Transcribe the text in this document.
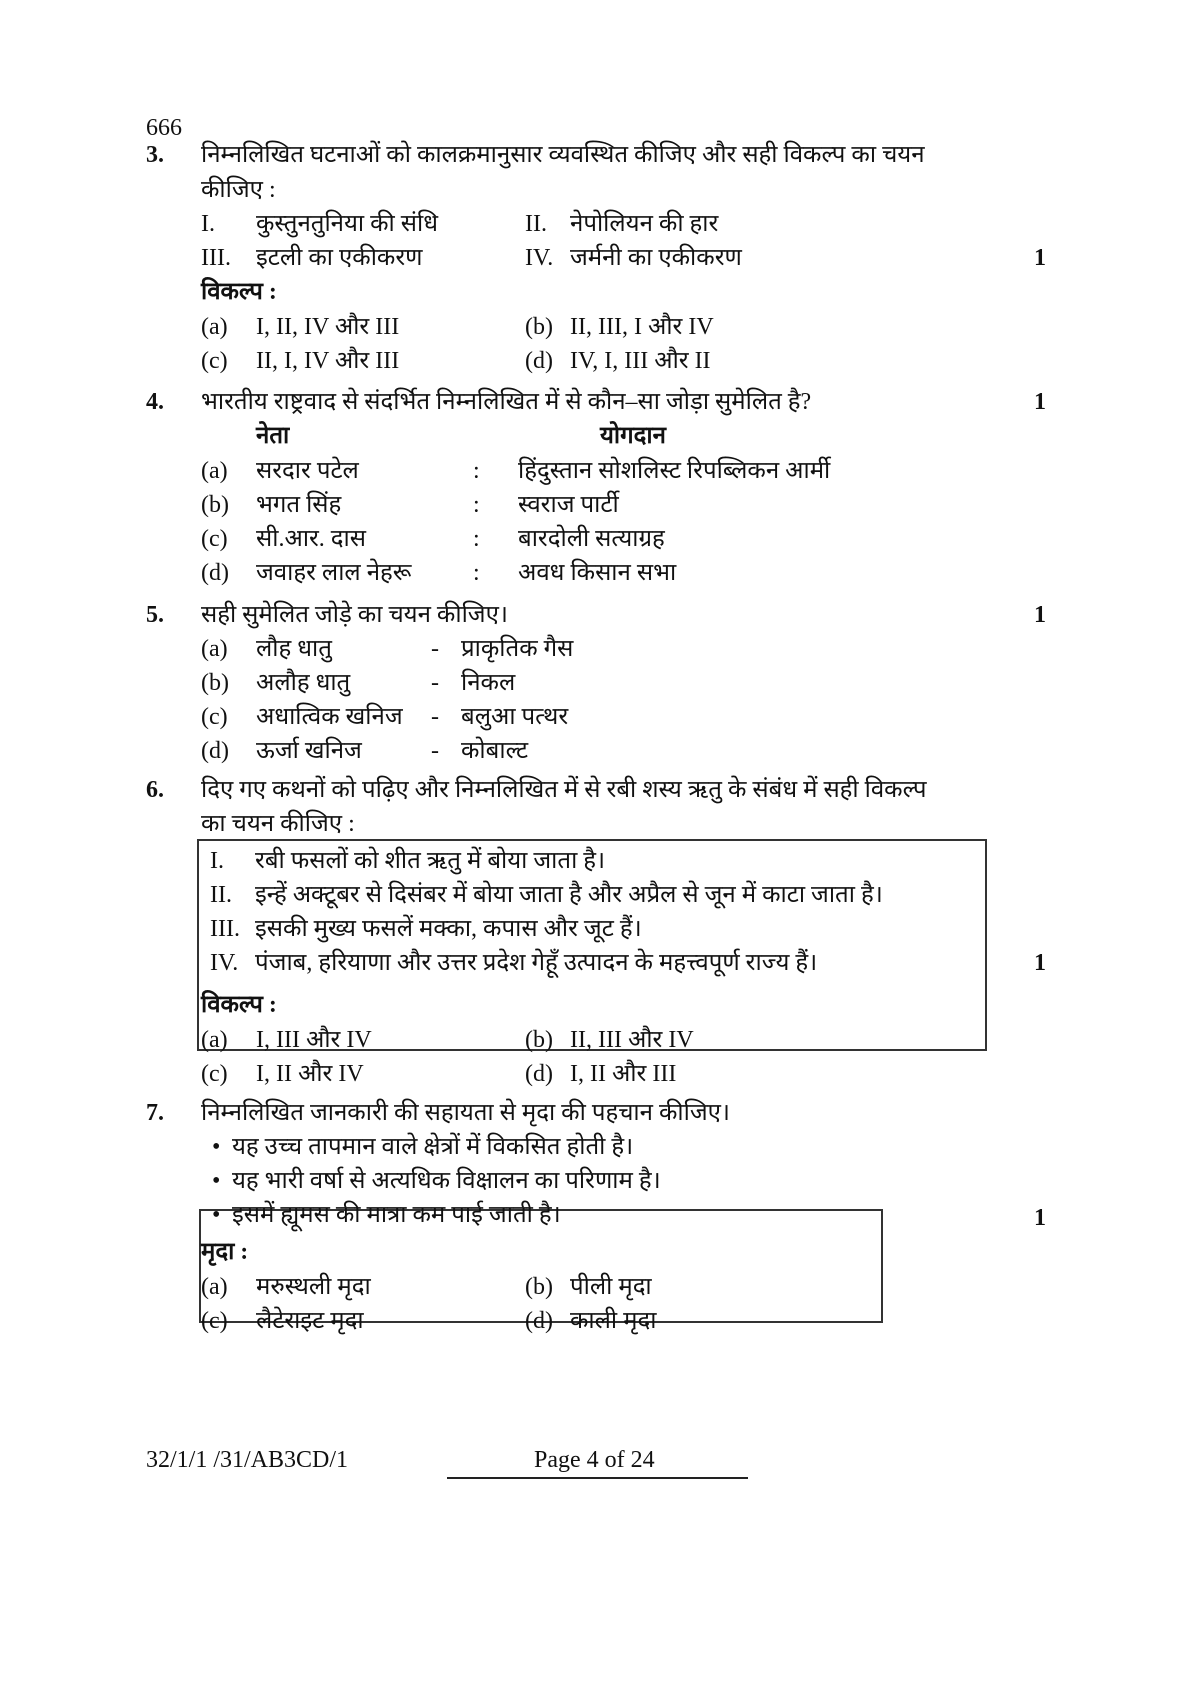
666
3. निम्नलिखित घटनाओं को कालक्रमानुसार व्यवस्थित कीजिए और सही विकल्प का चयन
कीजिए :
I. कुस्तुनतुनिया की संधि	II. नेपोलियन की हार
III. इटली का एकीकरण	IV. जर्मनी का एकीकरण	1
विकल्प :
(a) I, II, IV और III	(b) II, III, I और IV
(c) II, I, IV और III	(d) IV, I, III और II
4. भारतीय राष्ट्रवाद से संदर्भित निम्नलिखित में से कौन–सा जोड़ा सुमेलित है?	1
नेता	योगदान
(a) सरदार पटेल	: हिंदुस्तान सोशलिस्ट रिपब्लिकन आर्मी
(b) भगत सिंह	: स्वराज पार्टी
(c) सी.आर. दास	: बारदोली सत्याग्रह
(d) जवाहर लाल नेहरू	: अवध किसान सभा
5. सही सुमेलित जोड़े का चयन कीजिए।	1
(a) लौह धातु	- प्राकृतिक गैस
(b) अलौह धातु	- निकल
(c) अधात्विक खनिज - बलुआ पत्थर
(d) ऊर्जा खनिज	- कोबाल्ट
6. दिए गए कथनों को पढ़िए और निम्नलिखित में से रबी शस्य ऋतु के संबंध में सही विकल्प
का चयन कीजिए :
I. रबी फसलों को शीत ऋतु में बोया जाता है।
II. इन्हें अक्टूबर से दिसंबर में बोया जाता है और अप्रैल से जून में काटा जाता है।
III. इसकी मुख्य फसलें मक्का, कपास और जूट हैं।
IV. पंजाब, हरियाणा और उत्तर प्रदेश गेहूँ उत्पादन के महत्त्वपूर्ण राज्य हैं।	1
विकल्प :
(a) I, III और IV	(b) II, III और IV
(c) I, II और IV	(d) I, II और III
7. निम्नलिखित जानकारी की सहायता से मृदा की पहचान कीजिए।
• यह उच्च तापमान वाले क्षेत्रों में विकसित होती है।
• यह भारी वर्षा से अत्यधिक विक्षालन का परिणाम है।
• इसमें ह्यूमस की मात्रा कम पाई जाती है।	1
मृदा :
(a) मरुस्थली मृदा	(b) पीली मृदा
(c) लैटेराइट मृदा	(d) काली मृदा
32/1/1 /31/AB3CD/1	Page 4 of 24
